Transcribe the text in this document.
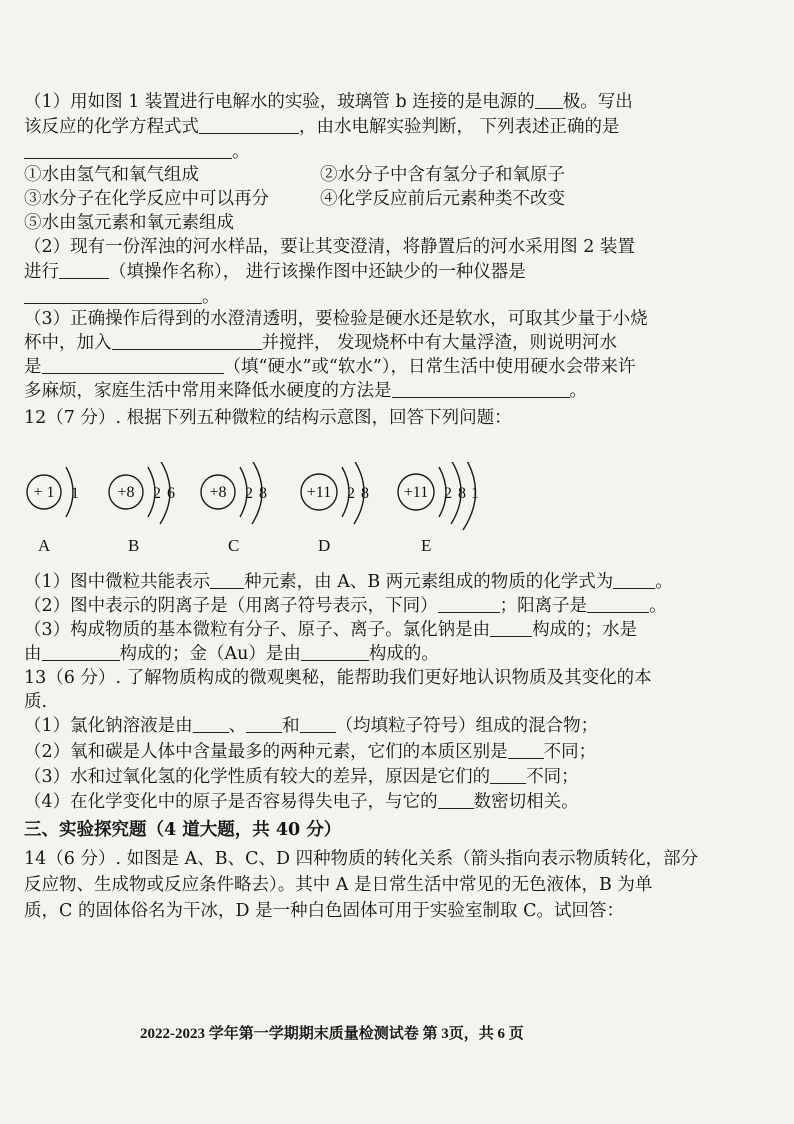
（1）用如图 1 装置进行电解水的实验，玻璃管 b 连接的是电源的 极。写出
该反应的化学方程式式	，由水电解实验判断， 下列表述正确的是
。
①水由氢气和氧气组成	②水分子中含有氢分子和氧原子
③水分子在化学反应中可以再分	④化学反应前后元素种类不改变
⑤水由氢元素和氧元素组成
（2）现有一份浑浊的河水样品，要让其变澄清，将静置后的河水采用图 2 装置
进行	（填操作名称）， 进行该操作图中还缺少的一种仪器是
。
（3）正确操作后得到的水澄清透明，要检验是硬水还是软水，可取其少量于小烧
杯中，加入	并搅拌， 发现烧杯中有大量浮渣，则说明河水
是	（填“硬水”或“软水”），日常生活中使用硬水会带来许
多麻烦，家庭生活中常用来降低水硬度的方法是	。
12（7 分）. 根据下列五种微粒的结构示意图，回答下列问题：
+ 1 1 +8 2 6 +8 2 8 +11 2 8 +11 2 8 1
A	B	C	D	E
（1）图中微粒共能表示 种元素，由 A、B 两元素组成的物质的化学式为 。
（2）图中表示的阴离子是（用离子符号表示，下同）	；阳离子是	。
（3）构成物质的基本微粒有分子、原子、离子。氯化钠是由 构成的；水是
由	构成的；金（Au）是由	构成的。
13（6 分）. 了解物质构成的微观奥秘，能帮助我们更好地认识物质及其变化的本
质.
（1）氯化钠溶液是由 、 和 （均填粒子符号）组成的混合物；
（2）氧和碳是人体中含量最多的两种元素，它们的本质区别是 不同；
（3）水和过氧化氢的化学性质有较大的差异，原因是它们的 不同；
（4）在化学变化中的原子是否容易得失电子，与它的 数密切相关。
三、实验探究题（4 道大题，共 40 分）
14（6 分）. 如图是 A、B、C、D 四种物质的转化关系（箭头指向表示物质转化，部分
反应物、生成物或反应条件略去）。其中 A 是日常生活中常见的无色液体，B 为单
质，C 的固体俗名为干冰，D 是一种白色固体可用于实验室制取 C。试回答：
2022-2023 学年第一学期期末质量检测试卷 第 3页，共 6 页
